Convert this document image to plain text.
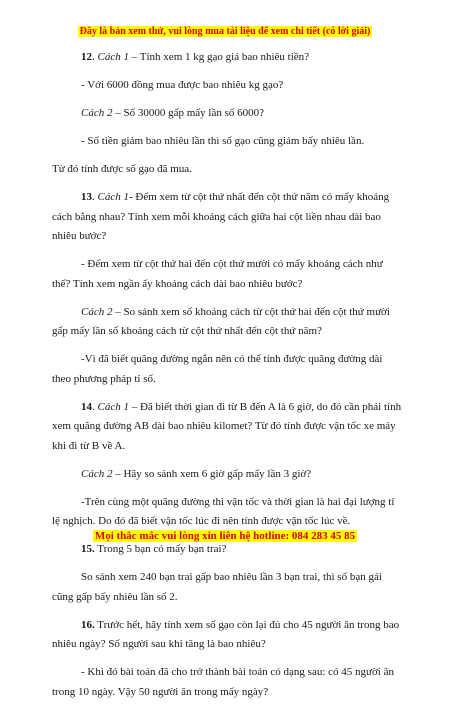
Đây là bản xem thử, vui lòng mua tài liệu để xem chi tiết (có lời giải)

12. Cách 1 – Tính xem 1 kg gạo giá bao nhiêu tiền?

- Với 6000 đồng mua được bao nhiêu kg gạo?

Cách 2 – Số 30000 gấp mấy lần số 6000?

- Số tiền giảm bao nhiêu lần thì số gạo cũng giảm bấy nhiêu lần.

Từ đó tính được số gạo đã mua.

13. Cách 1- Đếm xem từ cột thứ nhất đến cột thứ năm có mấy khoảng cách bằng nhau? Tính xem mỗi khoảng cách giữa hai cột liền nhau dài bao nhiêu bước?

- Đếm xem từ cột thứ hai đến cột thứ mười có mấy khoảng cách như thế? Tính xem ngần ấy khoảng cách dài bao nhiêu bước?

Cách 2 – So sánh xem số khoảng cách từ cột thứ hai đến cột thứ mười gấp mấy lần số khoảng cách từ cột thứ nhất đến cột thứ năm?

-Vì đã biết quãng đường ngắn nên có thể tính được quãng đường dài theo phương pháp tỉ số.

14. Cách 1 – Đã biết thời gian đi từ B đến A là 6 giờ, do đó cần phải tính xem quãng đường AB dài bao nhiêu kilomet? Từ đó tính được vận tốc xe máy khi đi từ B về A.

Cách 2 – Hãy so sánh xem 6 giờ gấp mấy lần 3 giờ?

-Trên cùng một quãng đường thì vận tốc và thời gian là hai đại lượng tỉ lệ nghịch. Do đó đã biết vận tốc lúc đi nên tính được vận tốc lúc về.

15. Trong 5 bạn có mấy bạn trai?

So sánh xem 240 bạn trai gấp bao nhiêu lần 3 bạn trai, thì số bạn gái cũng gấp bấy nhiêu lần số 2.

16. Trước hết, hãy tính xem số gạo còn lại đủ cho 45 người ăn trong bao nhiêu ngày? Số người sau khi tăng là bao nhiêu?

- Khi đó bài toán đã cho trở thành bài toán có dạng sau: có 45 người ăn trong 10 ngày. Vậy 50 người ăn trong mấy ngày?

Mọi thắc mắc vui lòng xin liên hệ hotline: 084 283 45 85
